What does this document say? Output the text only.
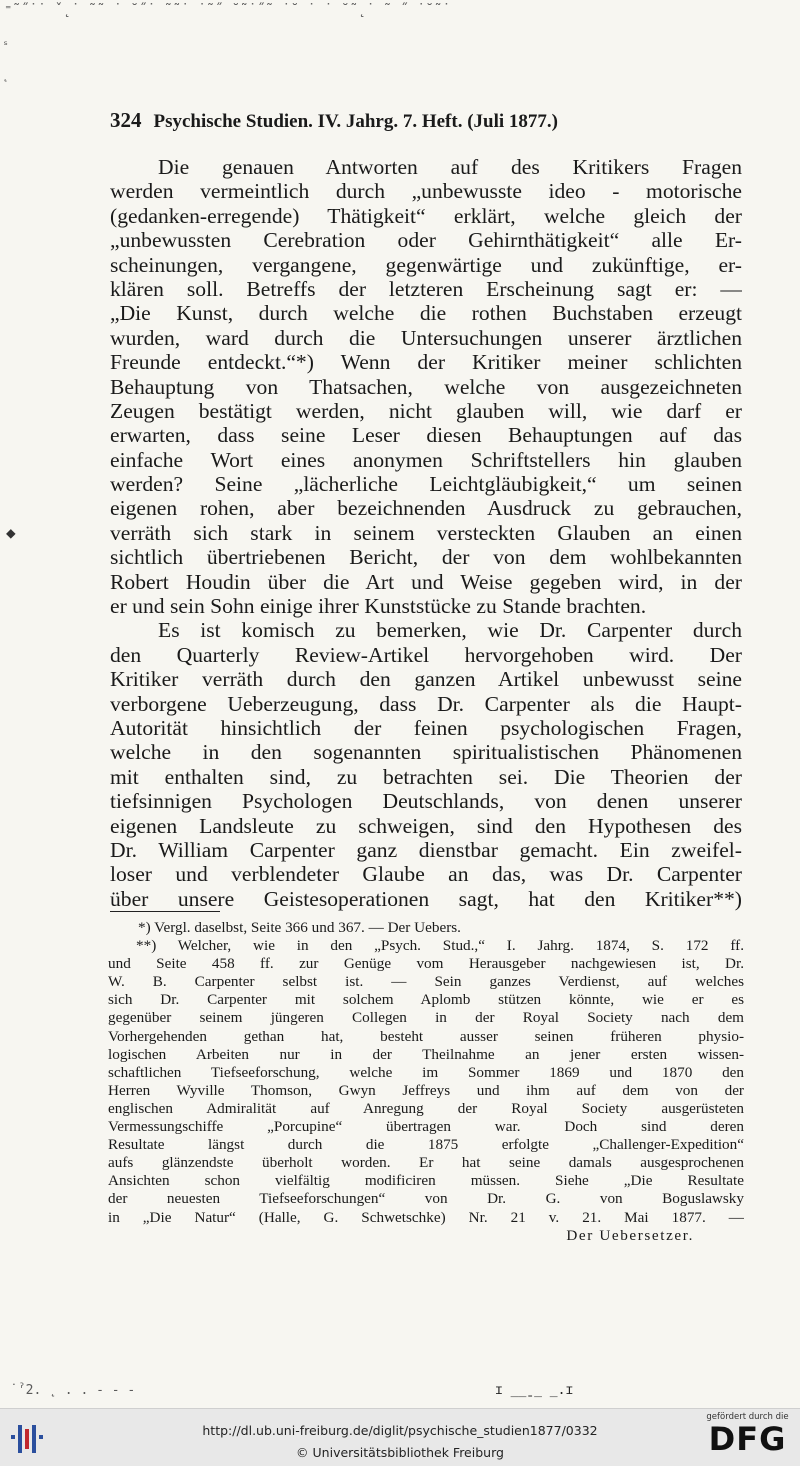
⁼˜˝˙˙ ˇ˛˙ ˜˜ ˙ ˘˝˙ ˜˜˙ ˙˜˝ ˘˜˙˝˜ ˙˘ ˙ ˙ ˘˜˛˙ ˜ ˝ ˙˘˜˙
ˢ
˛
◆
324 Psychische Studien. IV. Jahrg. 7. Heft. (Juli 1877.)
Die genauen Antworten auf des Kritikers Fragen
werden vermeintlich durch „unbewusste ideo - motorische
(gedanken-erregende) Thätigkeit“ erklärt, welche gleich der
„unbewussten Cerebration oder Gehirnthätigkeit“ alle Er-
scheinungen, vergangene, gegenwärtige und zukünftige, er-
klären soll. Betreffs der letzteren Erscheinung sagt er: —
„Die Kunst, durch welche die rothen Buchstaben erzeugt
wurden, ward durch die Untersuchungen unserer ärztlichen
Freunde entdeckt.“*) Wenn der Kritiker meiner schlichten
Behauptung von Thatsachen, welche von ausgezeichneten
Zeugen bestätigt werden, nicht glauben will, wie darf er
erwarten, dass seine Leser diesen Behauptungen auf das
einfache Wort eines anonymen Schriftstellers hin glauben
werden? Seine „lächerliche Leichtgläubigkeit,“ um seinen
eigenen rohen, aber bezeichnenden Ausdruck zu gebrauchen,
verräth sich stark in seinem versteckten Glauben an einen
sichtlich übertriebenen Bericht, der von dem wohlbekannten
Robert Houdin über die Art und Weise gegeben wird, in der
er und sein Sohn einige ihrer Kunststücke zu Stande brachten.
Es ist komisch zu bemerken, wie Dr. Carpenter durch
den Quarterly Review-Artikel hervorgehoben wird. Der
Kritiker verräth durch den ganzen Artikel unbewusst seine
verborgene Ueberzeugung, dass Dr. Carpenter als die Haupt-
Autorität hinsichtlich der feinen psychologischen Fragen,
welche in den sogenannten spiritualistischen Phänomenen
mit enthalten sind, zu betrachten sei. Die Theorien der
tiefsinnigen Psychologen Deutschlands, von denen unserer
eigenen Landsleute zu schweigen, sind den Hypothesen des
Dr. William Carpenter ganz dienstbar gemacht. Ein zweifel-
loser und verblendeter Glaube an das, was Dr. Carpenter
über unsere Geistesoperationen sagt, hat den Kritiker**)
*) Vergl. daselbst, Seite 366 und 367. — Der Uebers.
**) Welcher, wie in den „Psych. Stud.,“ I. Jahrg. 1874, S. 172 ff.
und Seite 458 ff. zur Genüge vom Herausgeber nachgewiesen ist, Dr.
W. B. Carpenter selbst ist. — Sein ganzes Verdienst, auf welches
sich Dr. Carpenter mit solchem Aplomb stützen könnte, wie er es
gegenüber seinem jüngeren Collegen in der Royal Society nach dem
Vorhergehenden gethan hat, besteht ausser seinen früheren physio-
logischen Arbeiten nur in der Theilnahme an jener ersten wissen-
schaftlichen Tiefseeforschung, welche im Sommer 1869 und 1870 den
Herren Wyville Thomson, Gwyn Jeffreys und ihm auf dem von der
englischen Admiralität auf Anregung der Royal Society ausgerüsteten
Vermessungschiffe „Porcupine“ übertragen war. Doch sind deren
Resultate längst durch die 1875 erfolgte „Challenger-Expedition“
aufs glänzendste überholt worden. Er hat seine damals ausgesprochenen
Ansichten schon vielfältig modificiren müssen. Siehe „Die Resultate
der neuesten Tiefseeforschungen“ von Dr. G. von Boguslawsky
in „Die Natur“ (Halle, G. Schwetschke) Nr. 21 v. 21. Mai 1877. —
Der Uebersetzer.
˙ˀ2. ˛ . . - - -	ɪ ̲̲ˍ̲ ̲.ɪ
http://dl.ub.uni-freiburg.de/diglit/psychische_studien1877/0332
© Universitätsbibliothek Freiburg
gefördert durch die
DFG
